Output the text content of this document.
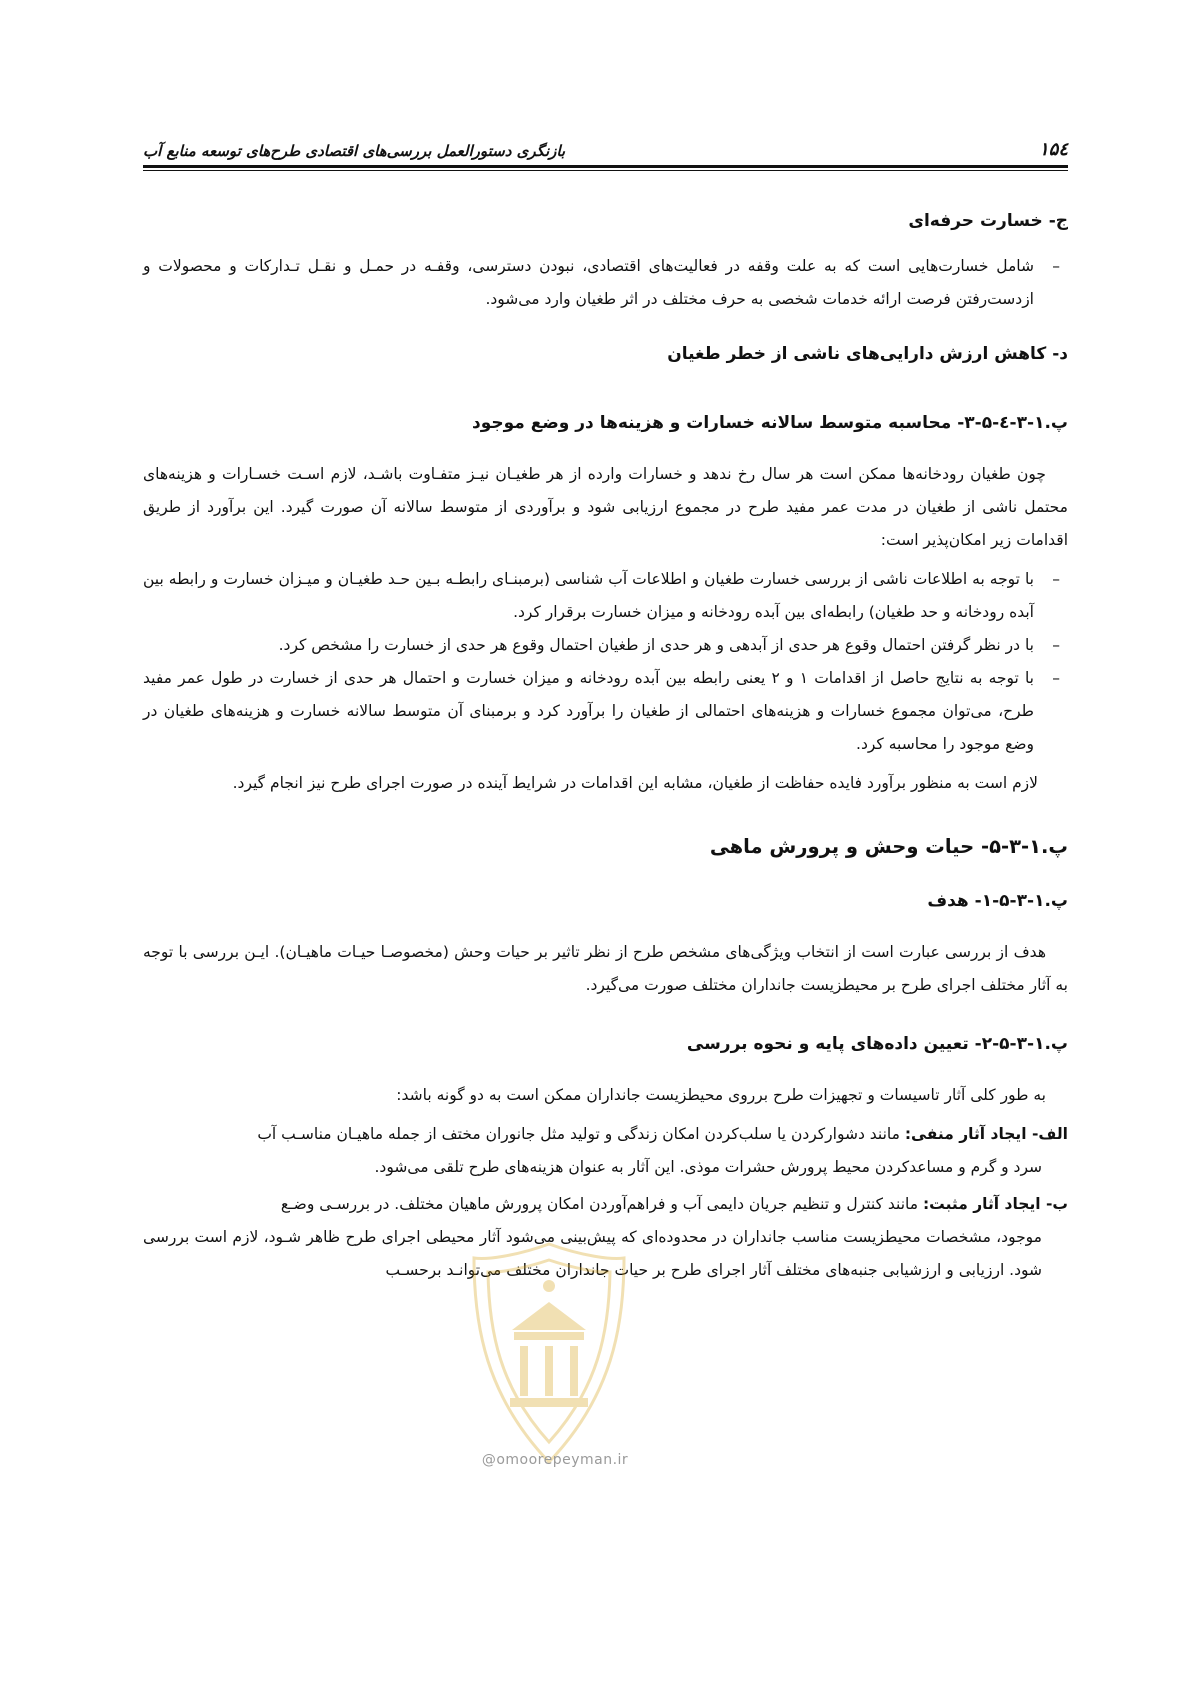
۱۵٤
بازنگری دستورالعمل بررسی‌های اقتصادی طرح‌های توسعه منابع آب
ج- خسارت حرفه‌ای
–
شامل خسارت‌هایی است که به علت وقفه در فعالیت‌های اقتصادی، نبودن دسترسی، وقفـه در حمـل و نقـل تـدارکات و محصولات و ازدست‌رفتن فرصت ارائه خدمات شخصی به حرف مختلف در اثر طغیان وارد می‌شود.
د- کاهش ارزش دارایی‌های ناشی از خطر طغیان
پ.۱-۳-٤-۵-۳- محاسبه متوسط سالانه خسارات و هزینه‌ها در وضع موجود

چون طغیان رودخانه‌ها ممکن است هر سال رخ ندهد و خسارات وارده از هر طغیـان نیـز متفـاوت باشـد، لازم اسـت خسـارات و هزینه‌های محتمل ناشی از طغیان در مدت عمر مفید طرح در مجموع ارزیابی شود و برآوردی از متوسط سالانه آن صورت گیرد. این برآورد از طریق اقدامات زیر امکان‌پذیر است:

–
با توجه به اطلاعات ناشی از بررسی خسارت طغیان و اطلاعات آب شناسی (برمبنـای رابطـه بـین حـد طغیـان و میـزان خسارت و رابطه بین آبده رودخانه و حد طغیان) رابطه‌ای بین آبده رودخانه و میزان خسارت برقرار کرد.
–
با در نظر گرفتن احتمال وقوع هر حدی از آبدهی و هر حدی از طغیان احتمال وقوع هر حدی از خسارت را مشخص کرد.
–
با توجه به نتایج حاصل از اقدامات ۱ و ۲ یعنی رابطه بین آبده رودخانه و میزان خسارت و احتمال هر حدی از خسارت در طول عمر مفید طرح، می‌توان مجموع خسارات و هزینه‌های احتمالی از طغیان را برآورد کرد و برمبنای آن متوسط سالانه خسارت و هزینه‌های طغیان در وضع موجود را محاسبه کرد.

لازم است به منظور برآورد فایده حفاظت از طغیان، مشابه این اقدامات در شرایط آینده در صورت اجرای طرح نیز انجام گیرد.

پ.۱-۳-۵- حیات وحش و پرورش ماهی
پ.۱-۳-۵-۱- هدف

هدف از بررسی عبارت است از انتخاب ویژگی‌های مشخص طرح از نظر تاثیر بر حیات وحش (مخصوصـا حیـات ماهیـان). ایـن بررسی با توجه به آثار مختلف اجرای طرح بر محیطزیست جانداران مختلف صورت می‌گیرد.

پ.۱-۳-۵-۲- تعیین داده‌های پایه و نحوه بررسی

به طور کلی آثار تاسیسات و تجهیزات طرح برروی محیطزیست جانداران ممکن است به دو گونه باشد:

الف- ایجاد آثار منفی: مانند دشوارکردن یا سلب‌کردن امکان زندگی و تولید مثل جانوران مختف از جمله ماهیـان مناسـب آب
سرد و گرم و مساعدکردن محیط پرورش حشرات موذی. این آثار به عنوان هزینه‌های طرح تلقی می‌شود.
ب- ایجاد آثار مثبت: مانند کنترل و تنظیم جریان دایمی آب و فراهم‌آوردن امکان پرورش ماهیان مختلف. در بررسـی وضـع
موجود، مشخصات محیطزیست مناسب جانداران در محدوده‌ای که پیش‌بینی می‌شود آثار محیطی اجرای طرح ظاهر شـود، لازم است بررسی شود. ارزیابی و ارزشیابی جنبه‌های مختلف آثار اجرای طرح بر حیات جانداران مختلف می‌توانـد برحسـب
@omoorepeyman.ir
